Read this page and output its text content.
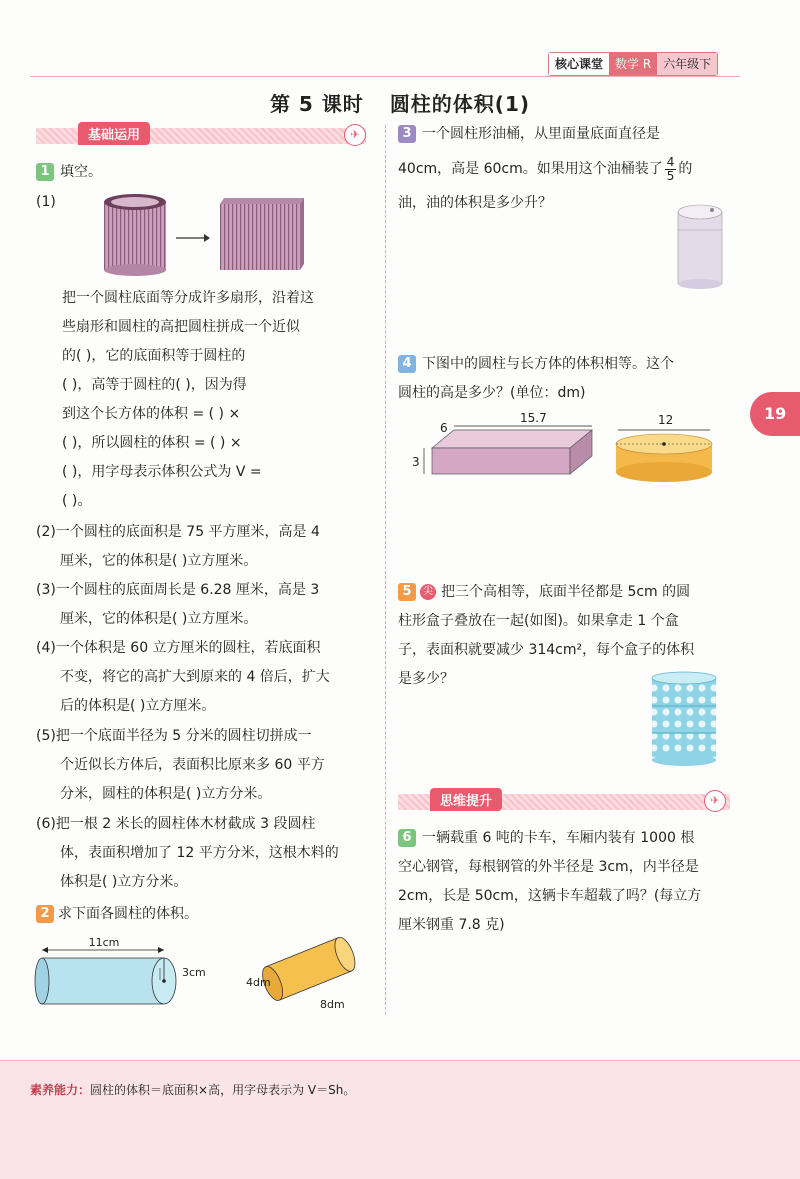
核心课堂	数学 R	六年级下
第 5 课时 圆柱的体积(1)
基础运用	✈
1 填空。
(1)
把一个圆柱底面等分成许多扇形，沿着这
些扇形和圆柱的高把圆柱拼成一个近似
的( )，它的底面积等于圆柱的
( )，高等于圆柱的( )，因为得
到这个长方体的体积 = ( ) ×
( )，所以圆柱的体积 = ( ) ×
( )，用字母表示体积公式为 V =
( )。
(2)一个圆柱的底面积是 75 平方厘米，高是 4
厘米，它的体积是( )立方厘米。
(3)一个圆柱的底面周长是 6.28 厘米，高是 3
厘米，它的体积是( )立方厘米。
(4)一个体积是 60 立方厘米的圆柱，若底面积
不变，将它的高扩大到原来的 4 倍后，扩大
后的体积是( )立方厘米。
(5)把一个底面半径为 5 分米的圆柱切拼成一
个近似长方体后，表面积比原来多 60 平方
分米，圆柱的体积是( )立方分米。
(6)把一根 2 米长的圆柱体木材截成 3 段圆柱
体，表面积增加了 12 平方分米，这根木料的
体积是( )立方分米。
2 求下面各圆柱的体积。
11cm
3cm
4dm
8dm
3 一个圆柱形油桶，从里面量底面直径是
40cm，高是 60cm。如果用这个油桶装了 $\frac{4}{5}$ 的
油，油的体积是多少升？
4 下图中的圆柱与长方体的体积相等。这个
圆柱的高是多少？(单位：dm)
6
15.7
3
12
5 尖 把三个高相等，底面半径都是 5cm 的圆
柱形盒子叠放在一起(如图)。如果拿走 1 个盒
子，表面积就要减少 314cm²，每个盒子的体积
是多少？
思维提升	✈
6 一辆载重 6 吨的卡车，车厢内装有 1000 根
空心钢管，每根钢管的外半径是 3cm，内半径是
2cm，长是 50cm，这辆卡车超载了吗？(每立方
厘米钢重 7.8 克)
19
素养能力：圆柱的体积＝底面积×高，用字母表示为 V＝Sh。
